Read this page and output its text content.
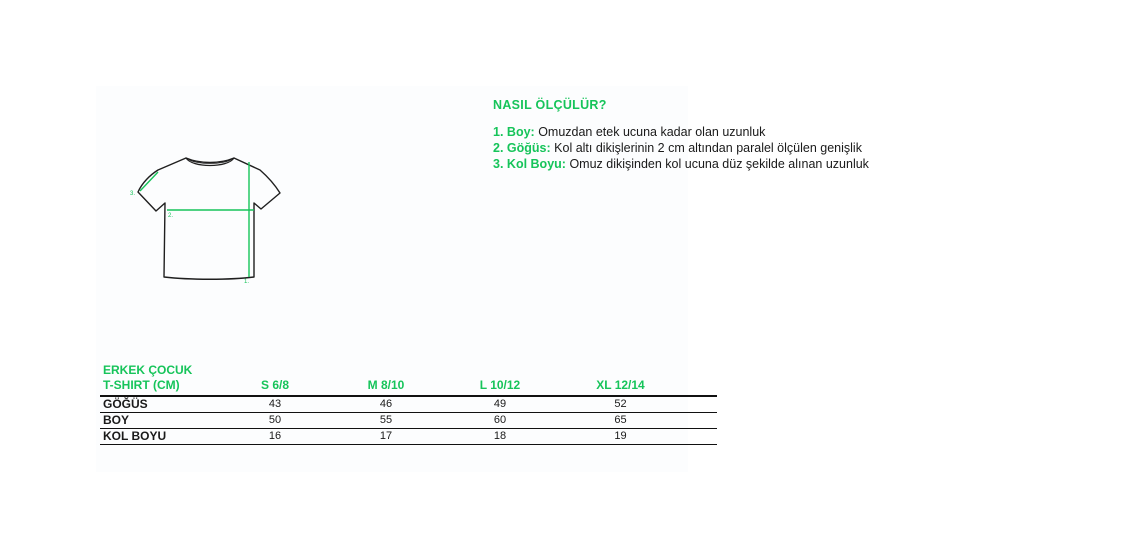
1.
2.
3.
NASIL ÖLÇÜLÜR?
1. Boy: Omuzdan etek ucuna kadar olan uzunluk
2. Göğüs: Kol altı dikişlerinin 2 cm altından paralel ölçülen genişlik
3. Kol Boyu: Omuz dikişinden kol ucuna düz şekilde alınan uzunluk
ERKEK ÇOCUK
T-SHIRT (CM)	S 6/8	M 8/10	L 10/12	XL 12/14	
GÖĞÜS	43	46	49	52	
BOY	50	55	60	65	
KOL BOYU	16	17	18	19	
